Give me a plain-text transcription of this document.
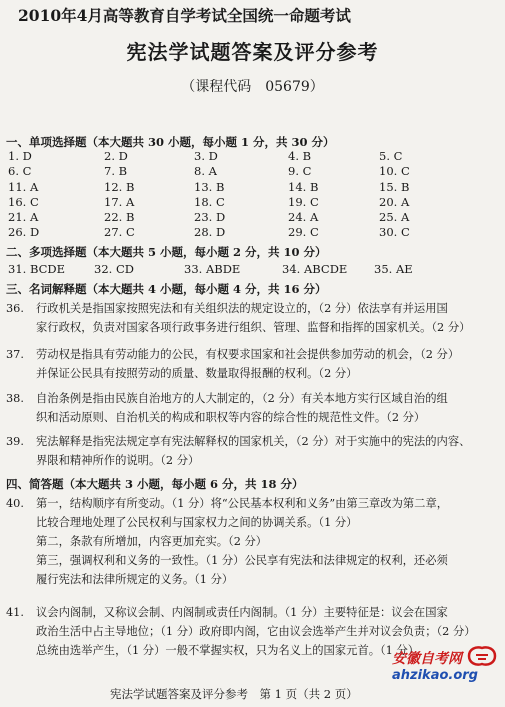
2010年4月高等教育自学考试全国统一命题考试
宪法学试题答案及评分参考
（课程代码　05679）
一、单项选择题（本大题共 30 小题，每小题 1 分，共 30 分）
1. D	2. D	3. D	4. B	5. C
6. C	7. B	8. A	9. C	10. C
11. A	12. B	13. B	14. B	15. B
16. C	17. A	18. C	19. C	20. A
21. A	22. B	23. D	24. A	25. A
26. D	27. C	28. D	29. C	30. C
二、多项选择题（本大题共 5 小题，每小题 2 分，共 10 分）
31. BCDE	32. CD	33. ABDE	34. ABCDE 35. AE
三、名词解释题（本大题共 4 小题，每小题 4 分，共 16 分）
36.	行政机关是指国家按照宪法和有关组织法的规定设立的，（2 分）依法享有并运用国
家行政权，负责对国家各项行政事务进行组织、管理、监督和指挥的国家机关。（2 分）
37.	劳动权是指具有劳动能力的公民，有权要求国家和社会提供参加劳动的机会，（2 分）
并保证公民具有按照劳动的质量、数量取得报酬的权利。（2 分）
38.	自治条例是指由民族自治地方的人大制定的，（2 分）有关本地方实行区域自治的组
织和活动原则、自治机关的构成和职权等内容的综合性的规范性文件。（2 分）
39.	宪法解释是指宪法规定享有宪法解释权的国家机关，（2 分）对于实施中的宪法的内容、
界限和精神所作的说明。（2 分）
四、简答题（本大题共 3 小题，每小题 6 分，共 18 分）
40.	第一，结构顺序有所变动。（1 分）将“公民基本权利和义务”由第三章改为第二章，
比较合理地处理了公民权利与国家权力之间的协调关系。（1 分）
第二，条款有所增加，内容更加充实。（2 分）
第三，强调权利和义务的一致性。（1 分）公民享有宪法和法律规定的权利，还必须
履行宪法和法律所规定的义务。（1 分）
41.	议会内阁制，又称议会制、内阁制或责任内阁制。（1 分）主要特征是：议会在国家
政治生活中占主导地位；（1 分）政府即内阁，它由议会选举产生并对议会负责；（2 分）
总统由选举产生，（1 分）一般不掌握实权，只为名义上的国家元首。（1 分）
宪法学试题答案及评分参考　第 1 页（共 2 页）
安徽自考网
ahzikao.org
